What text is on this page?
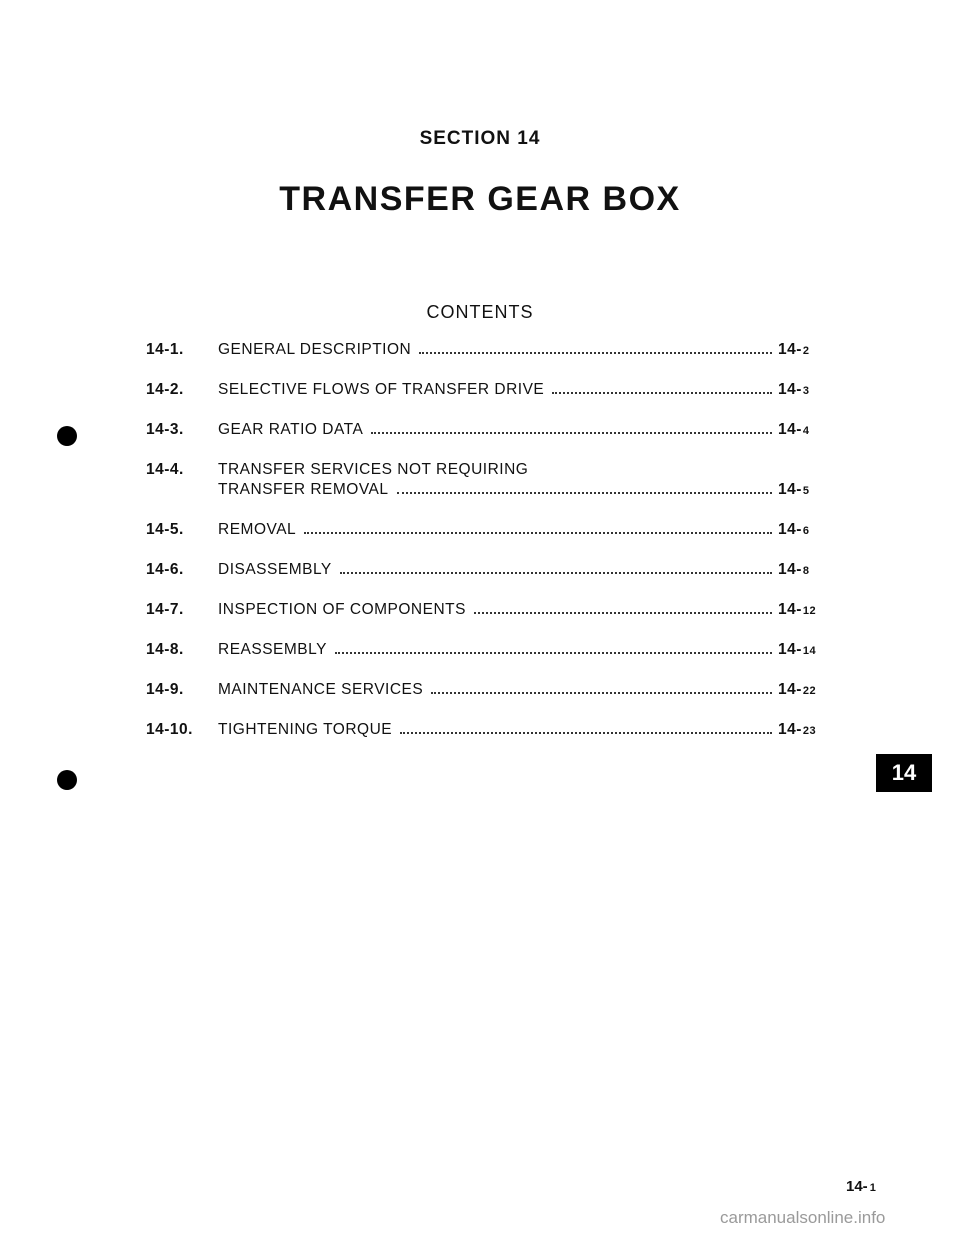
SECTION 14
TRANSFER GEAR BOX
CONTENTS
14-1.	GENERAL DESCRIPTION	14-2
14-2.	SELECTIVE FLOWS OF TRANSFER DRIVE	14-3
14-3.	GEAR RATIO DATA	14-4
14-4.	TRANSFER SERVICES NOT REQUIRING
TRANSFER REMOVAL	14-5
14-5.	REMOVAL	14-6
14-6.	DISASSEMBLY	14-8
14-7.	INSPECTION OF COMPONENTS	14-12
14-8.	REASSEMBLY	14-14
14-9.	MAINTENANCE SERVICES	14-22
14-10.	TIGHTENING TORQUE	14-23
14
14- 1
carmanualsonline.info
